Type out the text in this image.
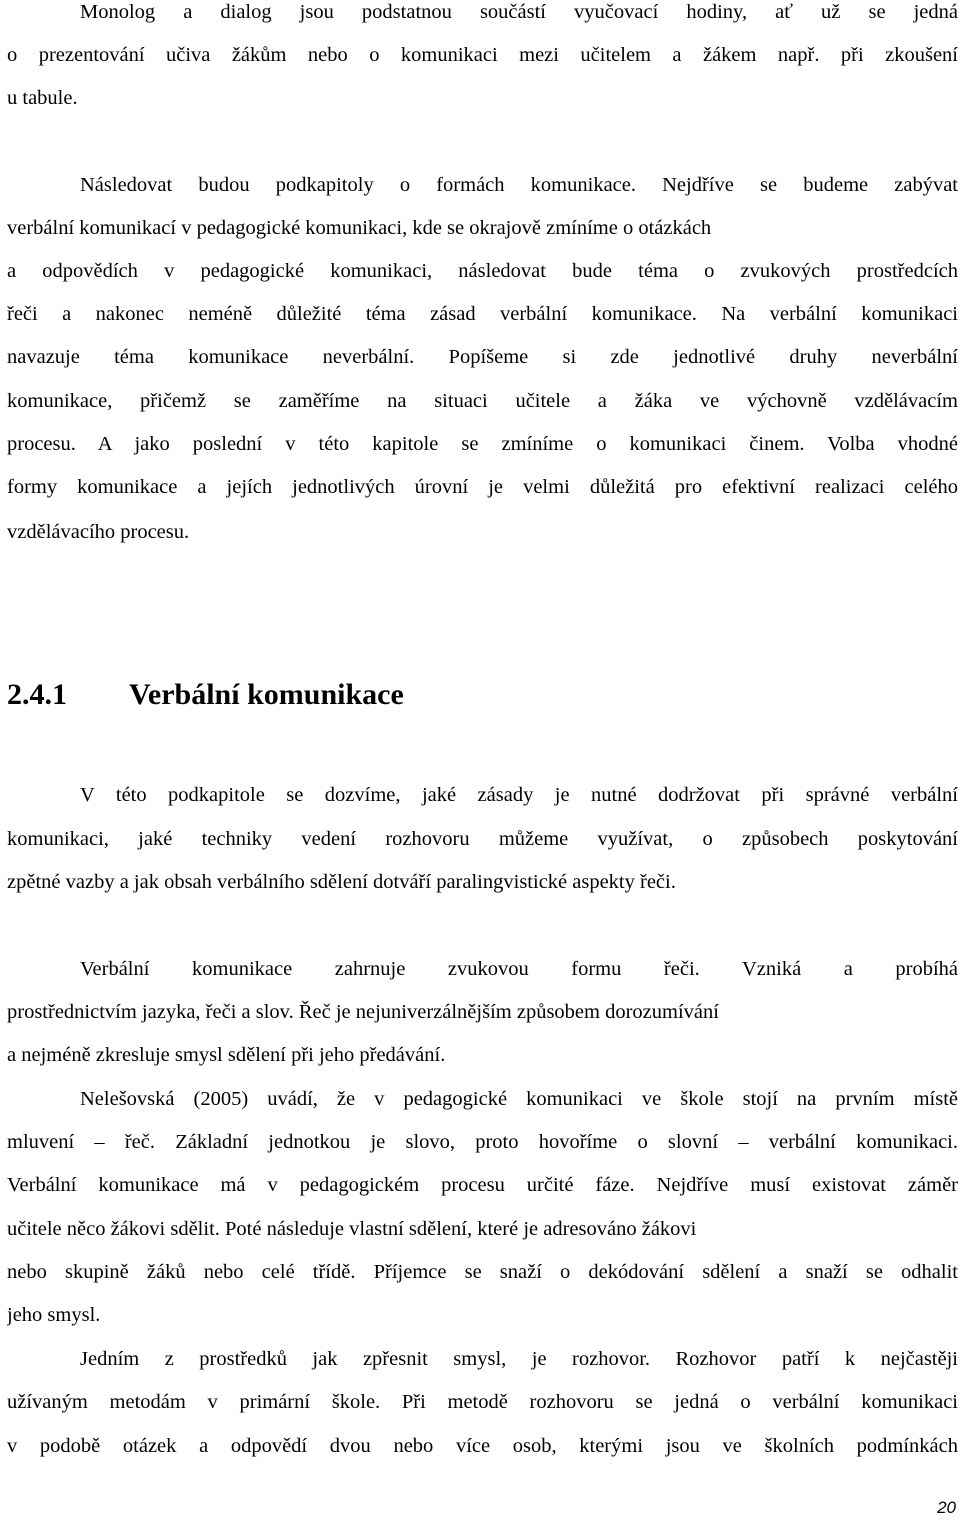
Monolog a dialog jsou podstatnou součástí vyučovací hodiny, ať už se jedná
o prezentování učiva žákům nebo o komunikaci mezi učitelem a žákem např. při zkoušení
u tabule.
Následovat budou podkapitoly o formách komunikace. Nejdříve se budeme zabývat
verbální komunikací v pedagogické komunikaci, kde se okrajově zmíníme o otázkách
a odpovědích v pedagogické komunikaci, následovat bude téma o zvukových prostředcích
řeči a nakonec neméně důležité téma zásad verbální komunikace. Na verbální komunikaci
navazuje téma komunikace neverbální. Popíšeme si zde jednotlivé druhy neverbální
komunikace, přičemž se zaměříme na situaci učitele a žáka ve výchovně vzdělávacím
procesu. A jako poslední v této kapitole se zmíníme o komunikaci činem. Volba vhodné
formy komunikace a jejích jednotlivých úrovní je velmi důležitá pro efektivní realizaci celého
vzdělávacího procesu.
2.4.1 Verbální komunikace
V této podkapitole se dozvíme, jaké zásady je nutné dodržovat při správné verbální
komunikaci, jaké techniky vedení rozhovoru můžeme využívat, o způsobech poskytování
zpětné vazby a jak obsah verbálního sdělení dotváří paralingvistické aspekty řeči.
Verbální komunikace zahrnuje zvukovou formu řeči. Vzniká a probíhá
prostřednictvím jazyka, řeči a slov. Řeč je nejuniverzálnějším způsobem dorozumívání
a nejméně zkresluje smysl sdělení při jeho předávání.
Nelešovská (2005) uvádí, že v pedagogické komunikaci ve škole stojí na prvním místě
mluvení – řeč. Základní jednotkou je slovo, proto hovoříme o slovní – verbální komunikaci.
Verbální komunikace má v pedagogickém procesu určité fáze. Nejdříve musí existovat záměr
učitele něco žákovi sdělit. Poté následuje vlastní sdělení, které je adresováno žákovi
nebo skupině žáků nebo celé třídě. Příjemce se snaží o dekódování sdělení a snaží se odhalit
jeho smysl.
Jedním z prostředků jak zpřesnit smysl, je rozhovor. Rozhovor patří k nejčastěji
užívaným metodám v primární škole. Při metodě rozhovoru se jedná o verbální komunikaci
v podobě otázek a odpovědí dvou nebo více osob, kterými jsou ve školních podmínkách
20
